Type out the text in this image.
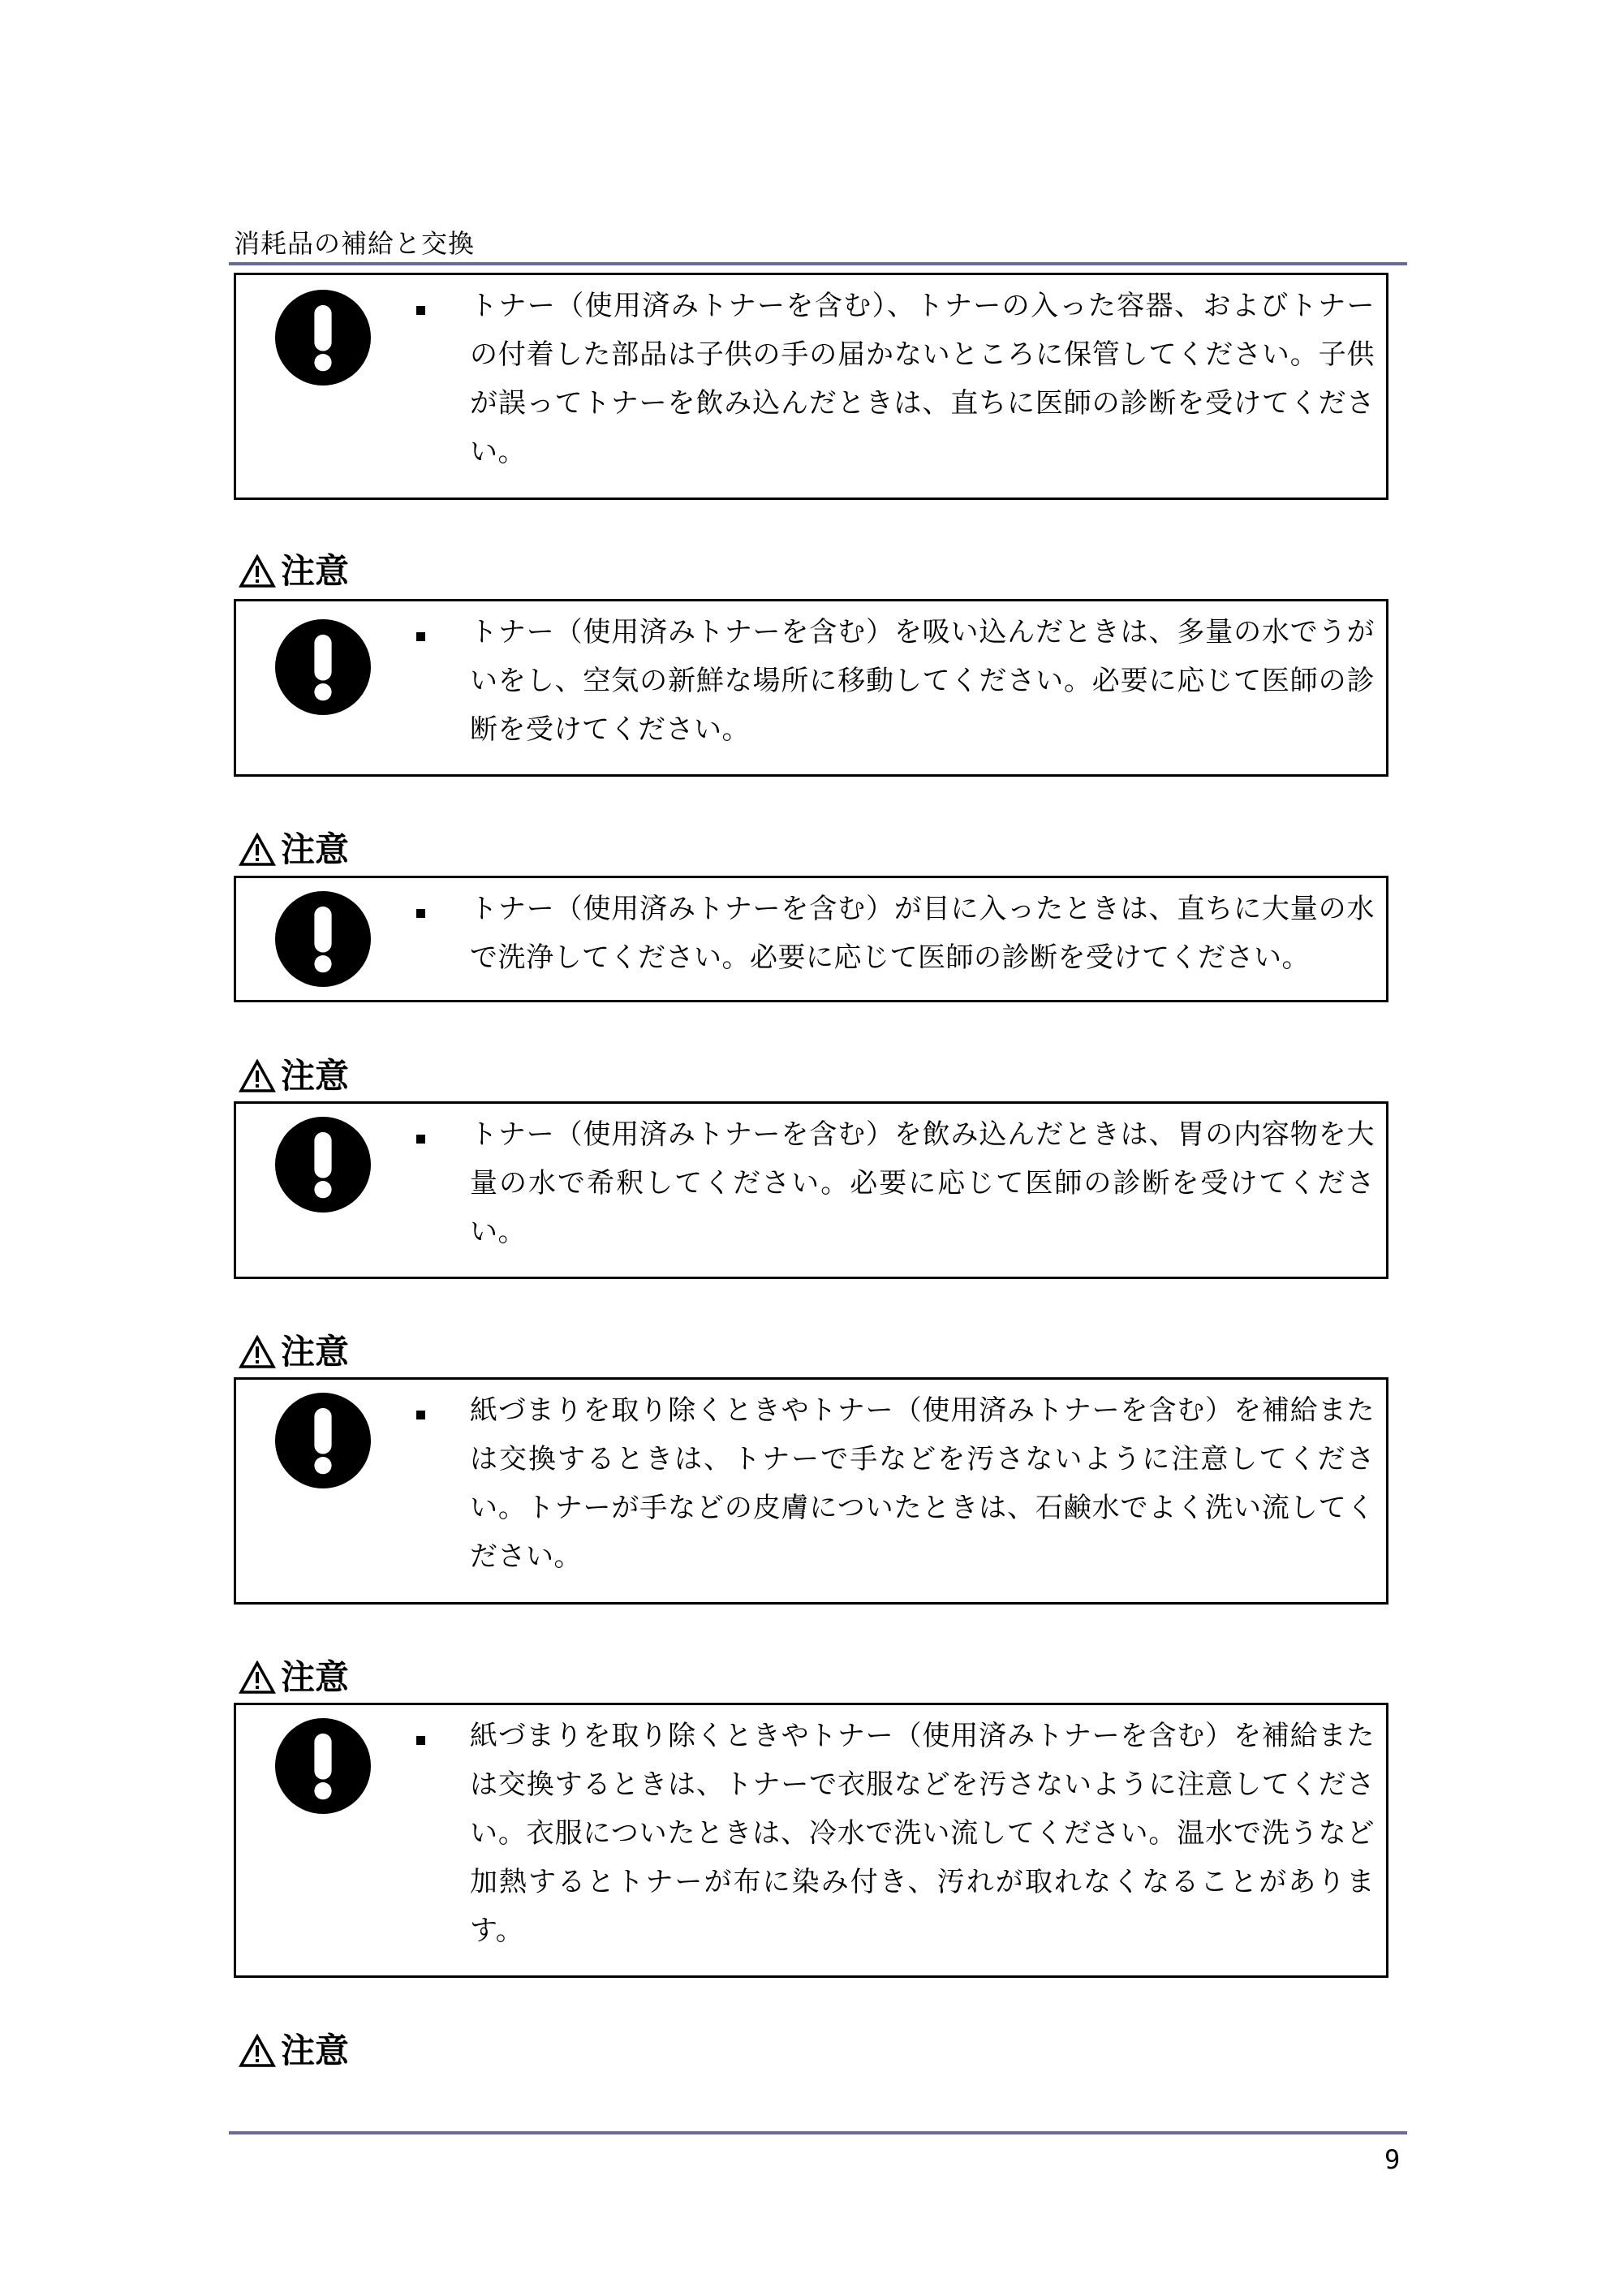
消耗品の補給と交換
トナー（使用済みトナーを含む）、トナーの入った容器、およびトナーの付着した部品は子供の手の届かないところに保管してください。子供が誤ってトナーを飲み込んだときは、直ちに医師の診断を受けてください。
注意
トナー（使用済みトナーを含む）を吸い込んだときは、多量の水でうがいをし、空気の新鮮な場所に移動してください。必要に応じて医師の診断を受けてください。
注意
トナー（使用済みトナーを含む）が目に入ったときは、直ちに大量の水で洗浄してください。必要に応じて医師の診断を受けてください。
注意
トナー（使用済みトナーを含む）を飲み込んだときは、胃の内容物を大量の水で希釈してください。必要に応じて医師の診断を受けてください。
注意
紙づまりを取り除くときやトナー（使用済みトナーを含む）を補給または交換するときは、トナーで手などを汚さないように注意してください。トナーが手などの皮膚についたときは、石鹸水でよく洗い流してください。
注意
紙づまりを取り除くときやトナー（使用済みトナーを含む）を補給または交換するときは、トナーで衣服などを汚さないように注意してください。衣服についたときは、冷水で洗い流してください。温水で洗うなど加熱するとトナーが布に染み付き、汚れが取れなくなることがあります。
注意
9
